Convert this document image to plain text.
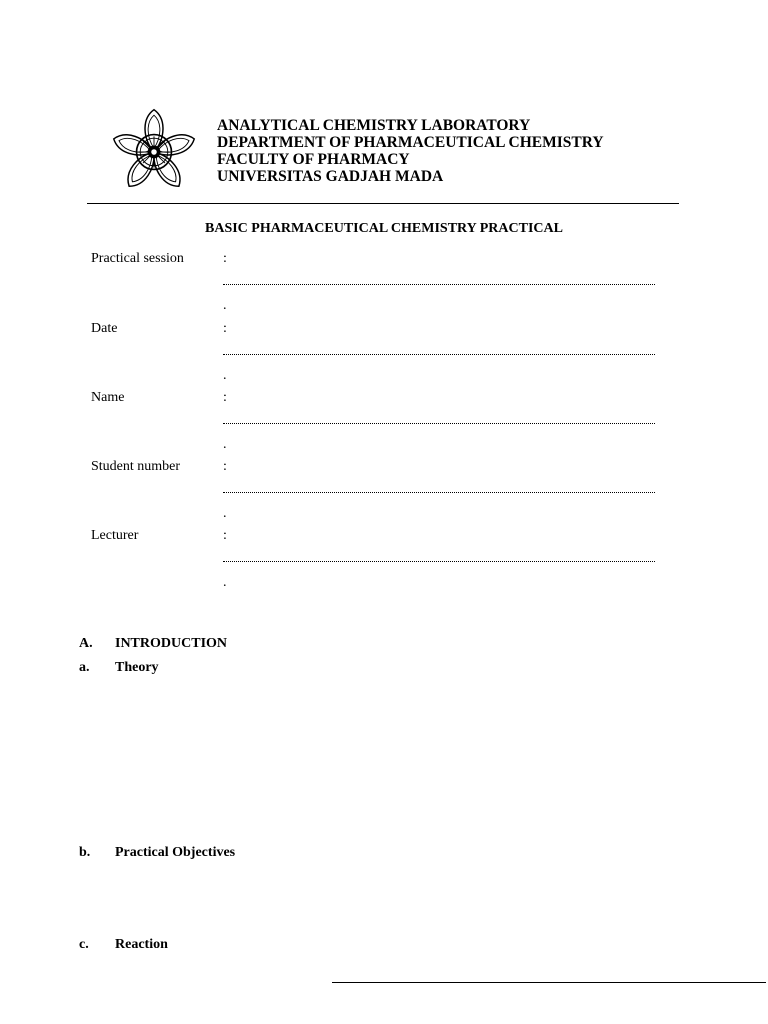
ANALYTICAL CHEMISTRY LABORATORY
DEPARTMENT OF PHARMACEUTICAL CHEMISTRY
FACULTY OF PHARMACY
UNIVERSITAS GADJAH MADA
BASIC PHARMACEUTICAL CHEMISTRY PRACTICAL
Practical session	:
.
Date	:
.
Name	:
.
Student number	:
.
Lecturer	:
.
A. INTRODUCTION
a. Theory
b. Practical Objectives
c. Reaction
